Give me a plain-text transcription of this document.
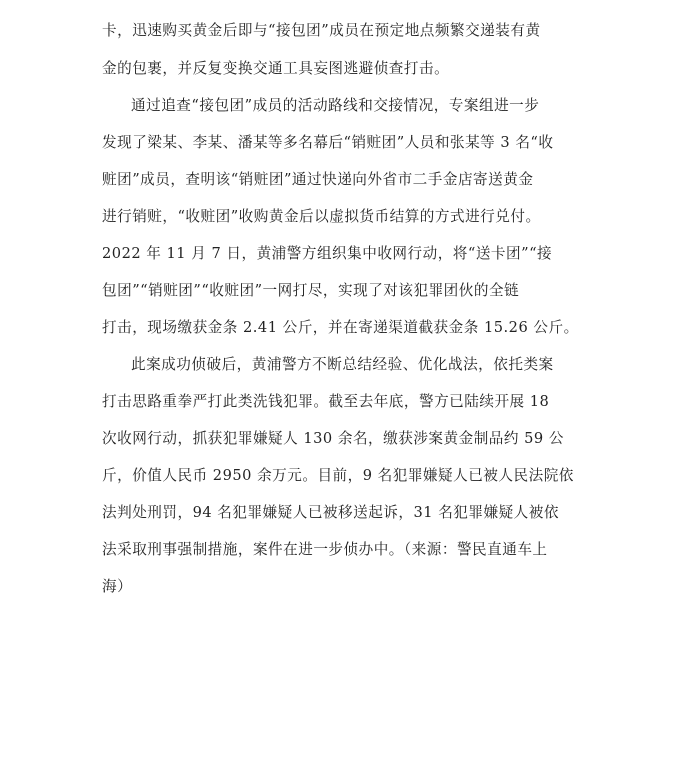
卡，迅速购买黄金后即与“接包团”成员在预定地点频繁交递装有黄
金的包裹，并反复变换交通工具妄图逃避侦查打击。
通过追查“接包团”成员的活动路线和交接情况，专案组进一步
发现了梁某、李某、潘某等多名幕后“销赃团”人员和张某等 3 名“收
赃团”成员，查明该“销赃团”通过快递向外省市二手金店寄送黄金
进行销赃，“收赃团”收购黄金后以虚拟货币结算的方式进行兑付。
2022 年 11 月 7 日，黄浦警方组织集中收网行动，将“送卡团”“接
包团”“销赃团”“收赃团”一网打尽，实现了对该犯罪团伙的全链
打击，现场缴获金条 2.41 公斤，并在寄递渠道截获金条 15.26 公斤。
此案成功侦破后，黄浦警方不断总结经验、优化战法，依托类案
打击思路重拳严打此类洗钱犯罪。截至去年底，警方已陆续开展 18
次收网行动，抓获犯罪嫌疑人 130 余名，缴获涉案黄金制品约 59 公
斤，价值人民币 2950 余万元。目前，9 名犯罪嫌疑人已被人民法院依
法判处刑罚，94 名犯罪嫌疑人已被移送起诉，31 名犯罪嫌疑人被依
法采取刑事强制措施，案件在进一步侦办中。（来源：警民直通车上
海）
